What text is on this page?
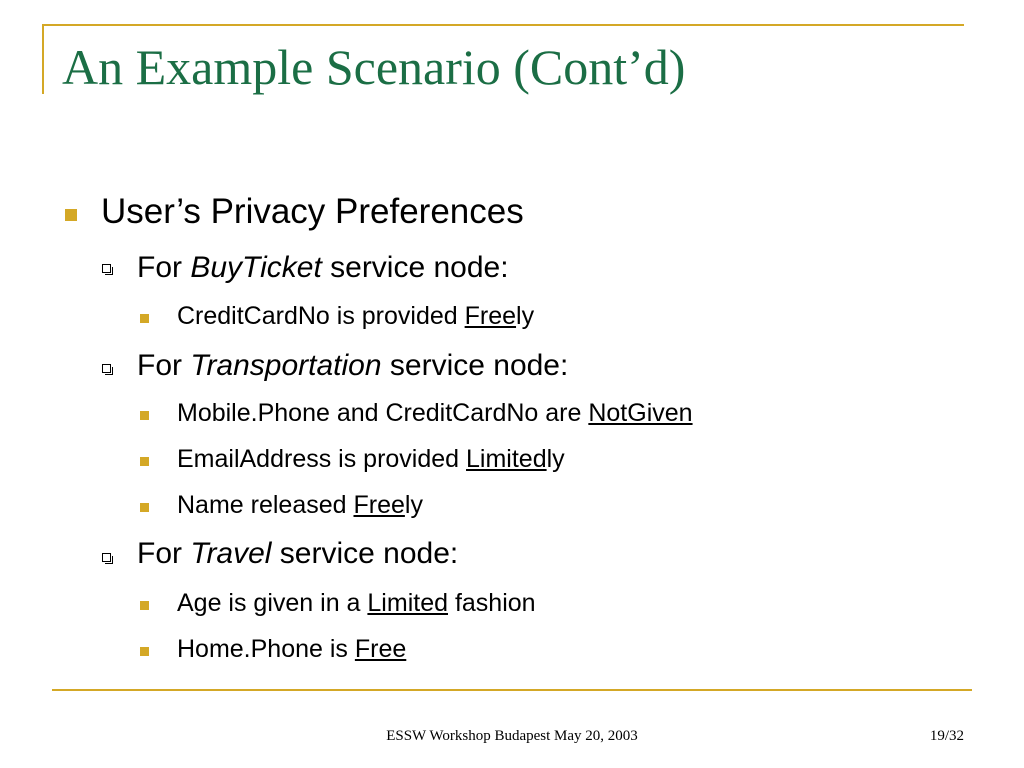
An Example Scenario (Cont’d)
User’s Privacy Preferences
For BuyTicket service node:
CreditCardNo is provided Freely
For Transportation service node:
Mobile.Phone and CreditCardNo are NotGiven
EmailAddress is provided Limitedly
Name released Freely
For Travel service node:
Age is given in a Limited fashion
Home.Phone is Free
ESSW Workshop Budapest May 20, 2003	19/32
